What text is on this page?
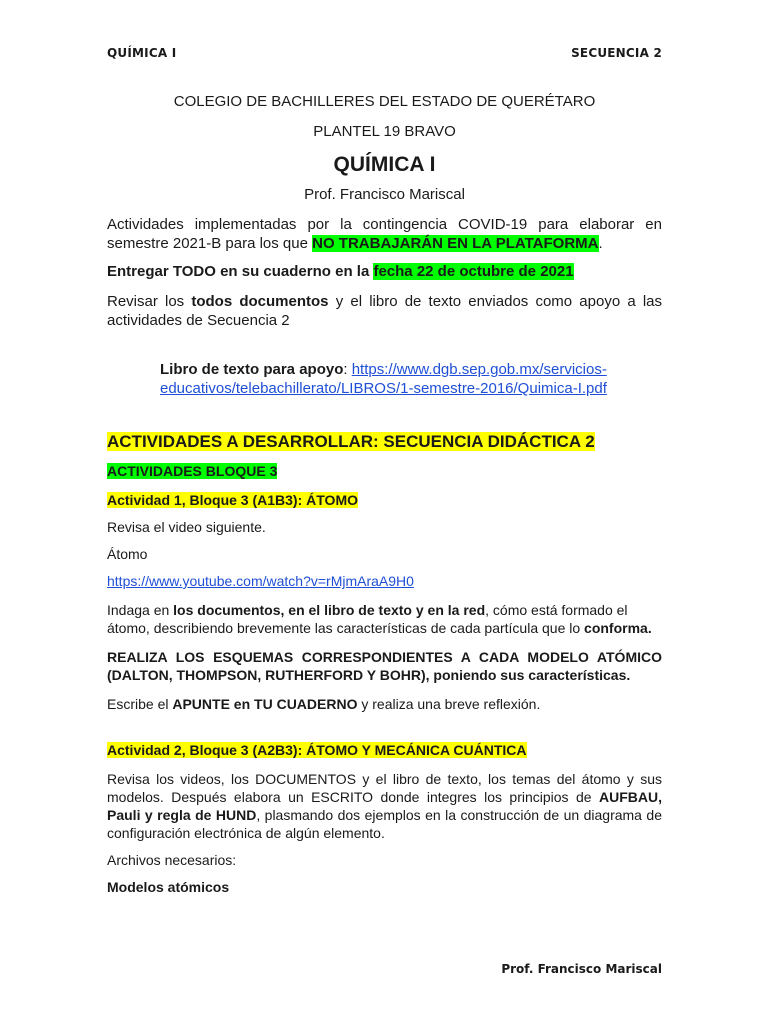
QUÍMICA I	SECUENCIA 2

COLEGIO DE BACHILLERES DEL ESTADO DE QUERÉTARO

PLANTEL 19 BRAVO

QUÍMICA I

Prof. Francisco Mariscal

Actividades implementadas por la contingencia COVID-19 para elaborar en semestre 2021-B para los que NO TRABAJARÁN EN LA PLATAFORMA.

Entregar TODO en su cuaderno en la fecha 22 de octubre de 2021

Revisar los todos documentos y el libro de texto enviados como apoyo a las actividades de Secuencia 2

Libro de texto para apoyo: https://www.dgb.sep.gob.mx/servicios-
educativos/telebachillerato/LIBROS/1-semestre-2016/Quimica-I.pdf

ACTIVIDADES A DESARROLLAR: SECUENCIA DIDÁCTICA 2

ACTIVIDADES BLOQUE 3

Actividad 1, Bloque 3 (A1B3): ÁTOMO

Revisa el video siguiente.

Átomo

https://www.youtube.com/watch?v=rMjmAraA9H0

Indaga en los documentos, en el libro de texto y en la red, cómo está formado el átomo, describiendo brevemente las características de cada partícula que lo conforma.

REALIZA LOS ESQUEMAS CORRESPONDIENTES A CADA MODELO ATÓMICO (DALTON, THOMPSON, RUTHERFORD Y BOHR), poniendo sus características.

Escribe el APUNTE en TU CUADERNO y realiza una breve reflexión.

Actividad 2, Bloque 3 (A2B3): ÁTOMO Y MECÁNICA CUÁNTICA

Revisa los videos, los DOCUMENTOS y el libro de texto, los temas del átomo y sus modelos. Después elabora un ESCRITO donde integres los principios de AUFBAU, Pauli y regla de HUND, plasmando dos ejemplos en la construcción de un diagrama de configuración electrónica de algún elemento.

Archivos necesarios:

Modelos atómicos

Prof. Francisco Mariscal
